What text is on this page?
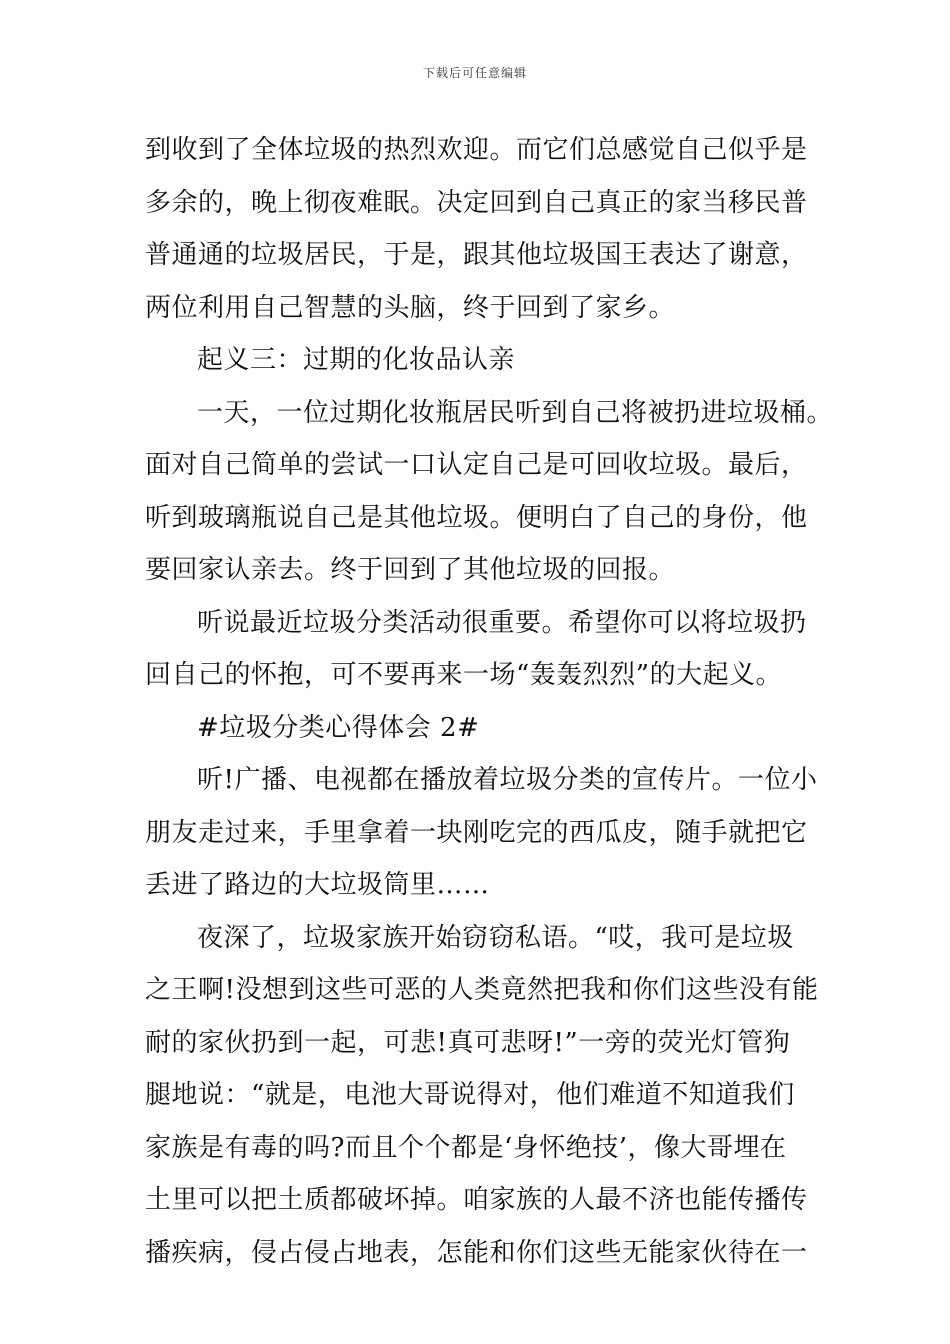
下载后可任意编辑
到收到了全体垃圾的热烈欢迎。而它们总感觉自己似乎是
多余的，晚上彻夜难眠。决定回到自己真正的家当移民普
普通通的垃圾居民，于是，跟其他垃圾国王表达了谢意，
两位利用自己智慧的头脑，终于回到了家乡。
起义三：过期的化妆品认亲
一天，一位过期化妆瓶居民听到自己将被扔进垃圾桶。
面对自己简单的尝试一口认定自己是可回收垃圾。最后，
听到玻璃瓶说自己是其他垃圾。便明白了自己的身份，他
要回家认亲去。终于回到了其他垃圾的回报。
听说最近垃圾分类活动很重要。希望你可以将垃圾扔
回自己的怀抱，可不要再来一场“轰轰烈烈”的大起义。
#垃圾分类心得体会 2#
听!广播、电视都在播放着垃圾分类的宣传片。一位小
朋友走过来，手里拿着一块刚吃完的西瓜皮，随手就把它
丢进了路边的大垃圾筒里……
夜深了，垃圾家族开始窃窃私语。“哎，我可是垃圾
之王啊!没想到这些可恶的人类竟然把我和你们这些没有能
耐的家伙扔到一起，可悲!真可悲呀!”一旁的荧光灯管狗
腿地说：“就是，电池大哥说得对，他们难道不知道我们
家族是有毒的吗?而且个个都是‘身怀绝技’，像大哥埋在
土里可以把土质都破坏掉。咱家族的人最不济也能传播传
播疾病，侵占侵占地表，怎能和你们这些无能家伙待在一
